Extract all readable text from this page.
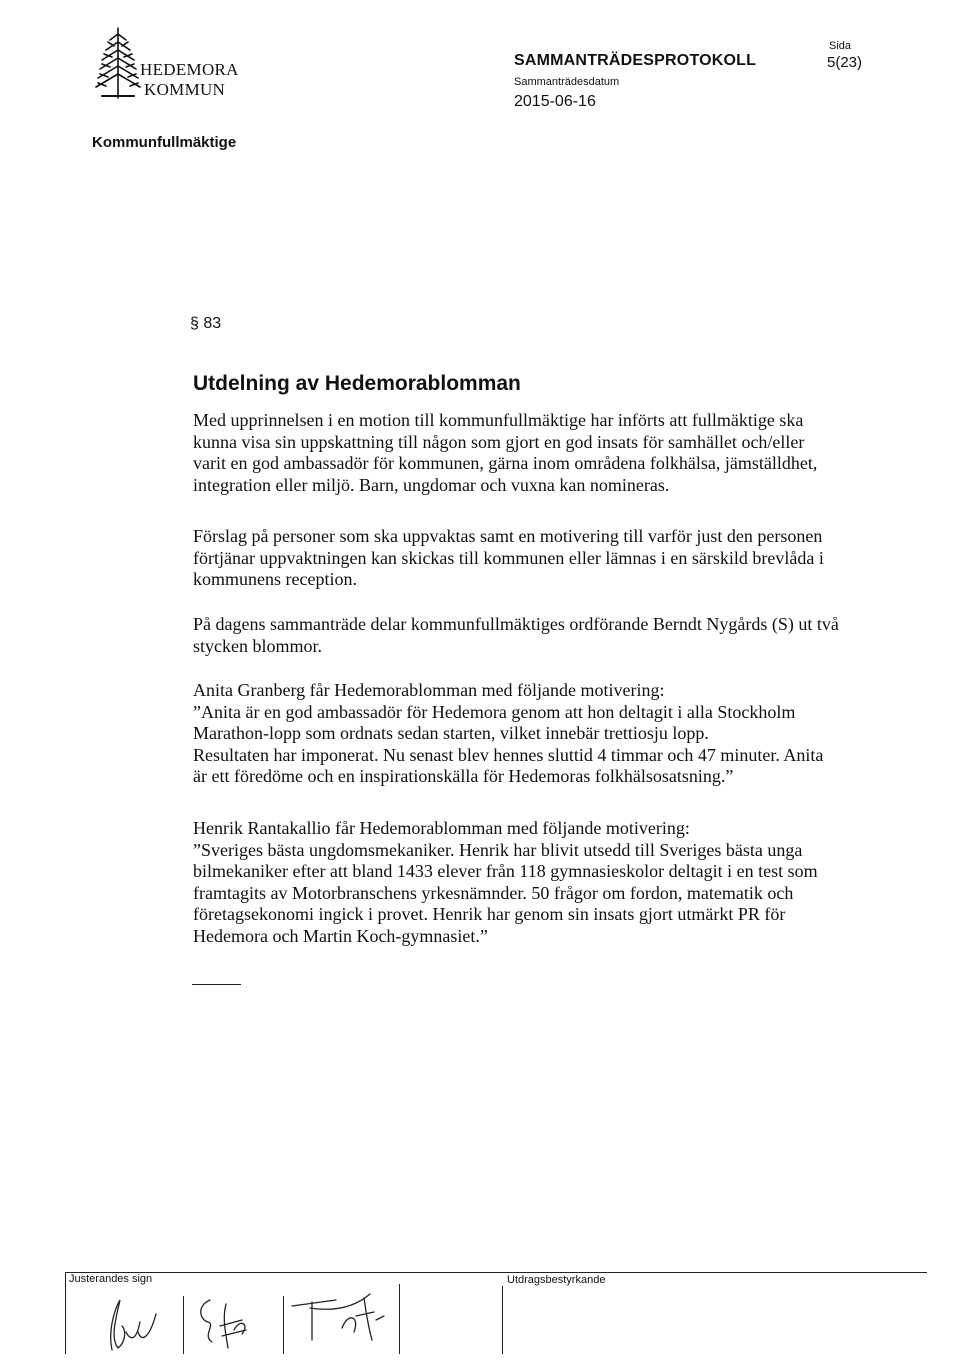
HEDEMORA
KOMMUN
SAMMANTRÄDESPROTOKOLL
Sammanträdesdatum
2015-06-16
Sida
5(23)
Kommunfullmäktige
§ 83
Utdelning av Hedemorablomman
Med upprinnelsen i en motion till kommunfullmäktige har införts att fullmäktige ska
kunna visa sin uppskattning till någon som gjort en god insats för samhället och/eller
varit en god ambassadör för kommunen, gärna inom områdena folkhälsa, jämställdhet,
integration eller miljö. Barn, ungdomar och vuxna kan nomineras.
Förslag på personer som ska uppvaktas samt en motivering till varför just den personen
förtjänar uppvaktningen kan skickas till kommunen eller lämnas i en särskild brevlåda i
kommunens reception.
På dagens sammanträde delar kommunfullmäktiges ordförande Berndt Nygårds (S) ut två
stycken blommor.
Anita Granberg får Hedemorablomman med följande motivering:
”Anita är en god ambassadör för Hedemora genom att hon deltagit i alla Stockholm
Marathon-lopp som ordnats sedan starten, vilket innebär trettiosju lopp.
Resultaten har imponerat. Nu senast blev hennes sluttid 4 timmar och 47 minuter. Anita
är ett föredöme och en inspirationskälla för Hedemoras folkhälsosatsning.”
Henrik Rantakallio får Hedemorablomman med följande motivering:
”Sveriges bästa ungdomsmekaniker. Henrik har blivit utsedd till Sveriges bästa unga
bilmekaniker efter att bland 1433 elever från 118 gymnasieskolor deltagit i en test som
framtagits av Motorbranschens yrkesnämnder. 50 frågor om fordon, matematik och
företagsekonomi ingick i provet. Henrik har genom sin insats gjort utmärkt PR för
Hedemora och Martin Koch-gymnasiet.”
Justerandes sign	Utdragsbestyrkande
